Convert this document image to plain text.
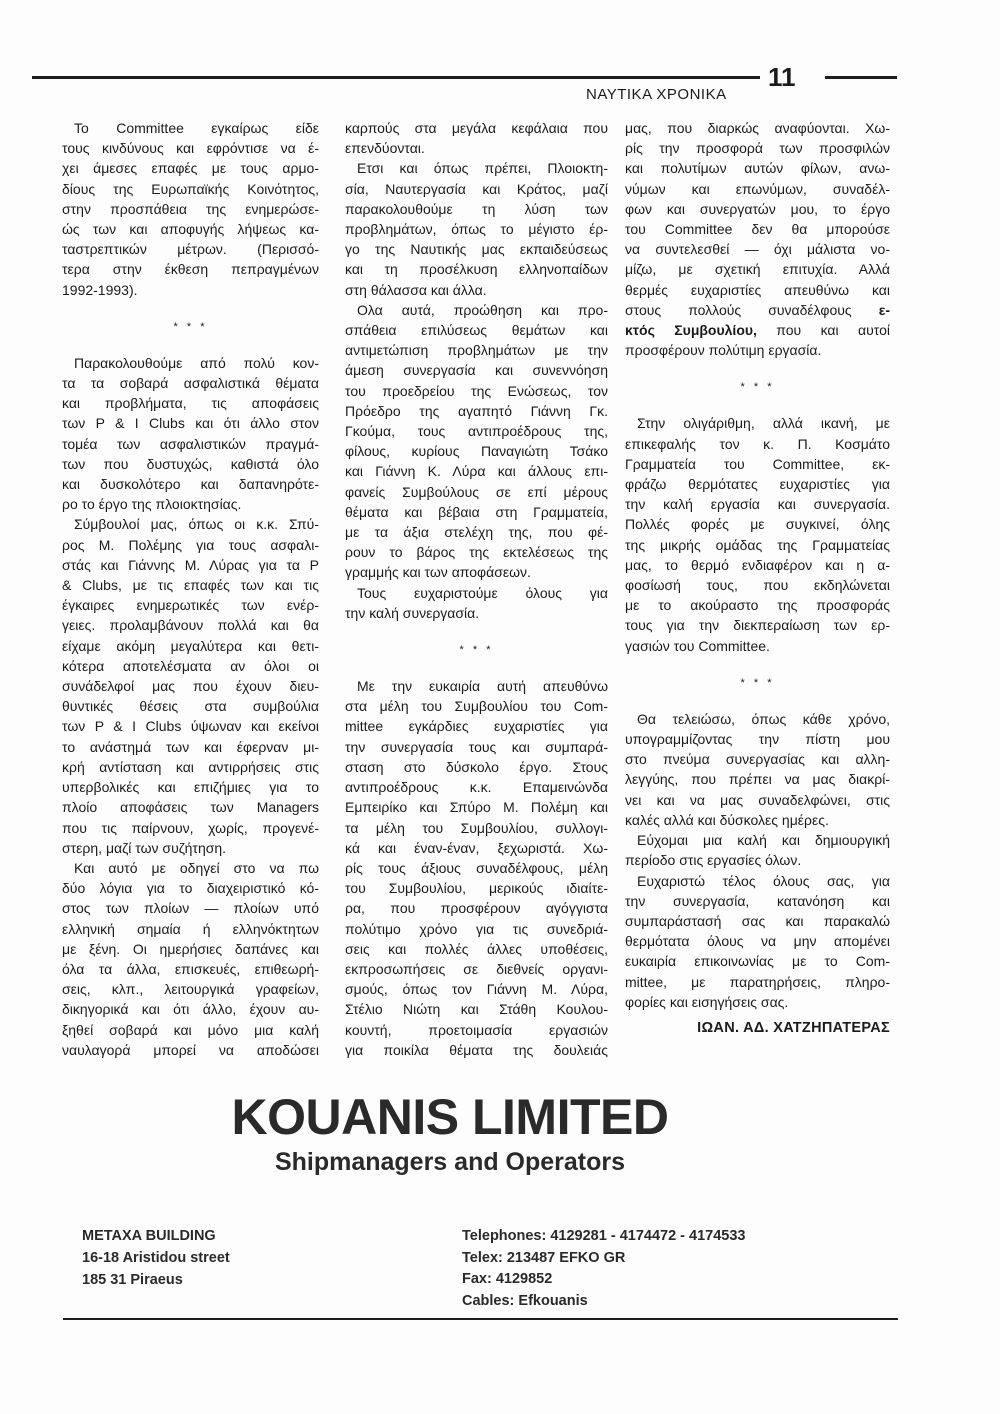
ΝΑΥΤΙΚΑ ΧΡΟΝΙΚΑ
11
Το Committee εγκαίρως είδε
τους κινδύνους και εφρόντισε να έ-
χει άμεσες επαφές με τους αρμο-
δίους της Ευρωπαϊκής Κοινότητος,
στην προσπάθεια της ενημερώσε-
ώς των και αποφυγής λήψεως κα-
ταστρεπτικών μέτρων. (Περισσό-
τερα στην έκθεση πεπραγμένων
1992-1993).
* * *
Παρακολουθούμε από πολύ κον-
τα τα σοβαρά ασφαλιστικά θέματα
και προβλήματα, τις αποφάσεις
των P & I Clubs και ότι άλλο στον
τομέα των ασφαλιστικών πραγμά-
των που δυστυχώς, καθιστά όλο
και δυσκολότερο και δαπανηρότε-
ρο το έργο της πλοιοκτησίας.
Σύμβουλοί μας, όπως οι κ.κ. Σπύ-
ρος Μ. Πολέμης για τους ασφαλι-
στάς και Γιάννης Μ. Λύρας για τα P
& Clubs, με τις επαφές των και τις
έγκαιρες ενημερωτικές των ενέρ-
γειες. προλαμβάνουν πολλά και θα
είχαμε ακόμη μεγαλύτερα και θετι-
κότερα αποτελέσματα αν όλοι οι
συνάδελφοί μας που έχουν διευ-
θυντικές θέσεις στα συμβούλια
των P & I Clubs ύψωναν και εκείνοι
το ανάστημά των και έφερναν μι-
κρή αντίσταση και αντιρρήσεις στις
υπερβολικές και επιζήμιες για το
πλοίο αποφάσεις των Managers
που τις παίρνουν, χωρίς, προγενέ-
στερη, μαζί των συζήτηση.
Και αυτό με οδηγεί στο να πω
δύο λόγια για το διαχειριστικό κό-
στος των πλοίων — πλοίων υπό
ελληνική σημαία ή ελληνόκτητων
με ξένη. Οι ημερήσιες δαπάνες και
όλα τα άλλα, επισκευές, επιθεωρή-
σεις, κλπ., λειτουργικά γραφείων,
δικηγορικά και ότι άλλο, έχουν αυ-
ξηθεί σοβαρά και μόνο μια καλή
ναυλαγορά μπορεί να αποδώσει
καρπούς στα μεγάλα κεφάλαια που
επενδύονται.
Ετσι και όπως πρέπει, Πλοιοκτη-
σία, Ναυτεργασία και Κράτος, μαζί
παρακολουθούμε τη λύση των
προβλημάτων, όπως το μέγιστο έρ-
γο της Ναυτικής μας εκπαιδεύσεως
και τη προσέλκυση ελληνοπαίδων
στη θάλασσα και άλλα.
Ολα αυτά, προώθηση και προ-
σπάθεια επιλύσεως θεμάτων και
αντιμετώπιση προβλημάτων με την
άμεση συνεργασία και συνεννόηση
του προεδρείου της Ενώσεως, τον
Πρόεδρο της αγαπητό Γιάννη Γκ.
Γκούμα, τους αντιπροέδρους της,
φίλους, κυρίους Παναγιώτη Τσάκο
και Γιάννη Κ. Λύρα και άλλους επι-
φανείς Συμβούλους σε επί μέρους
θέματα και βέβαια στη Γραμματεία,
με τα άξια στελέχη της, που φέ-
ρουν το βάρος της εκτελέσεως της
γραμμής και των αποφάσεων.
Τους ευχαριστούμε όλους για
την καλή συνεργασία.
* * *
Με την ευκαιρία αυτή απευθύνω
στα μέλη του Συμβουλίου του Com-
mittee εγκάρδιες ευχαριστίες για
την συνεργασία τους και συμπαρά-
σταση στο δύσκολο έργο. Στους
αντιπροέδρους κ.κ. Επαμεινώνδα
Εμπειρίκο και Σπύρο Μ. Πολέμη και
τα μέλη του Συμβουλίου, συλλογι-
κά και έναν-έναν, ξεχωριστά. Χω-
ρίς τους άξιους συναδέλφους, μέλη
του Συμβουλίου, μερικούς ιδιαίτε-
ρα, που προσφέρουν αγόγγιστα
πολύτιμο χρόνο για τις συνεδριά-
σεις και πολλές άλλες υποθέσεις,
εκπροσωπήσεις σε διεθνείς οργανι-
σμούς, όπως τον Γιάννη Μ. Λύρα,
Στέλιο Νιώτη και Στάθη Κουλου-
κουντή, προετοιμασία εργασιών
για ποικίλα θέματα της δουλειάς
μας, που διαρκώς αναφύονται. Χω-
ρίς την προσφορά των προσφιλών
και πολυτίμων αυτών φίλων, ανω-
νύμων και επωνύμων, συναδέλ-
φων και συνεργατών μου, το έργο
του Committee δεν θα μπορούσε
να συντελεσθεί — όχι μάλιστα νο-
μίζω, με σχετική επιτυχία. Αλλά
θερμές ευχαριστίες απευθύνω και
στους πολλούς συναδέλφους ε-
κτός Συμβουλίου, που και αυτοί
προσφέρουν πολύτιμη εργασία.
* * *
Στην ολιγάριθμη, αλλά ικανή, με
επικεφαλής τον κ. Π. Κοσμάτο
Γραμματεία του Committee, εκ-
φράζω θερμότατες ευχαριστίες για
την καλή εργασία και συνεργασία.
Πολλές φορές με συγκινεί, όλης
της μικρής ομάδας της Γραμματείας
μας, το θερμό ενδιαφέρον και η α-
φοσίωσή τους, που εκδηλώνεται
με το ακούραστο της προσφοράς
τους για την διεκπεραίωση των ερ-
γασιών του Committee.
* * *
Θα τελειώσω, όπως κάθε χρόνο,
υπογραμμίζοντας την πίστη μου
στο πνεύμα συνεργασίας και αλλη-
λεγγύης, που πρέπει να μας διακρί-
νει και να μας συναδελφώνει, στις
καλές αλλά και δύσκολες ημέρες.
Εύχομαι μια καλή και δημιουργική
περίοδο στις εργασίες όλων.
Ευχαριστώ τέλος όλους σας, για
την συνεργασία, κατανόηση και
συμπαράστασή σας και παρακαλώ
θερμότατα όλους να μην απομένει
ευκαιρία επικοινωνίας με το Com-
mittee, με παρατηρήσεις, πληρο-
φορίες και εισηγήσεις σας.
ΙΩΑΝ. ΑΔ. ΧΑΤΖΗΠΑΤΕΡΑΣ
KOUANIS LIMITED
Shipmanagers and Operators
METAXA BUILDING
16-18 Aristidou street
185 31 Piraeus
Telephones: 4129281 - 4174472 - 4174533
Telex: 213487 EFKO GR
Fax: 4129852
Cables: Efkouanis
